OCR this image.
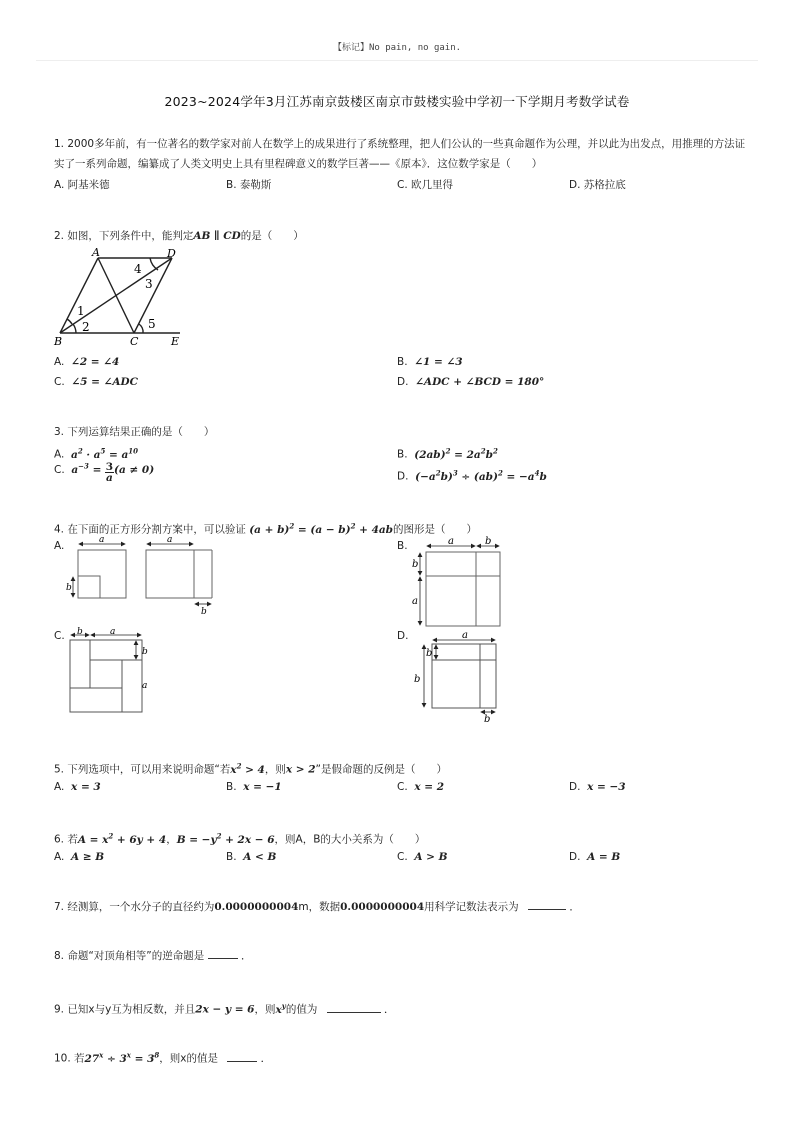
【标记】No pain, no gain.
2023~2024学年3月江苏南京鼓楼区南京市鼓楼实验中学初一下学期月考数学试卷
1. 2000多年前，有一位著名的数学家对前人在数学上的成果进行了系统整理，把人们公认的一些真命题作为公理，并以此为出发点，用推理的方法证
实了一系列命题，编纂成了人类文明史上具有里程碑意义的数学巨著——《原本》．这位数学家是（　　）
A. 阿基米德	B. 泰勒斯	C. 欧几里得	D. 苏格拉底
2. 如图，下列条件中，能判定AB ∥ CD的是（　　）
A	D
B	C	E
1
2
3
4
5
A. ∠2 = ∠4	B. ∠1 = ∠3
C. ∠5 = ∠ADC	D. ∠ADC + ∠BCD = 180°
3. 下列运算结果正确的是（　　）
A. $a^2 \cdot a^5 = a^{10}$	B. $(2ab)^2 = 2a^2b^2$
C. $a^{-3} = \frac{3}{a} (a \ne 0)$
D. $(-a^2b)^3 \div (ab)^2 = -a^4b$
4. 在下面的正方形分割方案中，可以验证 $(a + b)^2 = (a - b)^2 + 4ab$的图形是（　　）
A.	a	a
b
b
B.	a	b
b
a
C. b	a
b
a
D.	a
b
b
b
5. 下列选项中，可以用来说明命题“若$x^2 > 4$，则x > 2”是假命题的反例是（　　）
A. x = 3	B. x = −1	C. x = 2	D. x = −3
6. 若$A = x^2 + 6y + 4$，$B = -y^2 + 2x - 6$，则A，B的大小关系为（　　）
A. A ≥ B	B. A < B	C. A > B	D. A = B
7. 经测算，一个水分子的直径约为0.0000000004m，数据0.0000000004用科学记数法表示为	．
8. 命题“对顶角相等”的逆命题是	．
9. 已知x与y互为相反数，并且2x − y = 6，则$x^y$的值为	．
10. 若$27^x \div 3^x = 3^8$，则x的值是	．
